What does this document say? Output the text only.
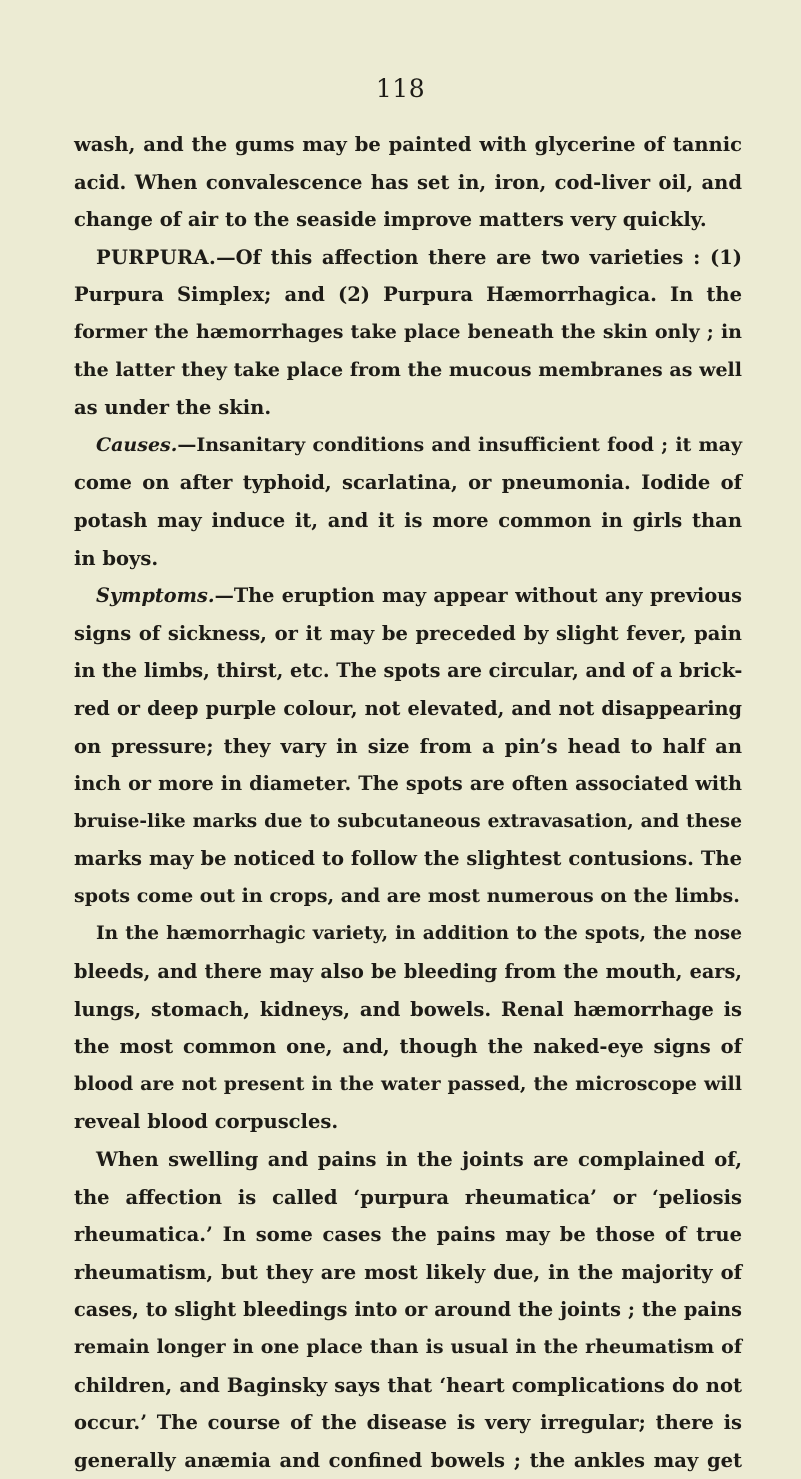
118
wash, and the gums may be painted with glycerine of tannic
acid. When convalescence has set in, iron, cod-liver oil, and
change of air to the seaside improve matters very quickly.
PURPURA.—Of this affection there are two varieties : (1)
Purpura Simplex; and (2) Purpura Hæmorrhagica. In the
former the hæmorrhages take place beneath the skin only ; in
the latter they take place from the mucous membranes as well
as under the skin.
Causes.—Insanitary conditions and insufficient food ; it may
come on after typhoid, scarlatina, or pneumonia. Iodide of
potash may induce it, and it is more common in girls than
in boys.
Symptoms.—The eruption may appear without any previous
signs of sickness, or it may be preceded by slight fever, pain
in the limbs, thirst, etc. The spots are circular, and of a brick-
red or deep purple colour, not elevated, and not disappearing
on pressure; they vary in size from a pin’s head to half an
inch or more in diameter. The spots are often associated with
bruise-like marks due to subcutaneous extravasation, and these
marks may be noticed to follow the slightest contusions. The
spots come out in crops, and are most numerous on the limbs.
In the hæmorrhagic variety, in addition to the spots, the nose
bleeds, and there may also be bleeding from the mouth, ears,
lungs, stomach, kidneys, and bowels. Renal hæmorrhage is
the most common one, and, though the naked-eye signs of
blood are not present in the water passed, the microscope will
reveal blood corpuscles.
When swelling and pains in the joints are complained of,
the affection is called ‘purpura rheumatica’ or ‘peliosis
rheumatica.’ In some cases the pains may be those of true
rheumatism, but they are most likely due, in the majority of
cases, to slight bleedings into or around the joints ; the pains
remain longer in one place than is usual in the rheumatism of
children, and Baginsky says that ‘heart complications do not
occur.’ The course of the disease is very irregular; there is
generally anæmia and confined bowels ; the ankles may get
